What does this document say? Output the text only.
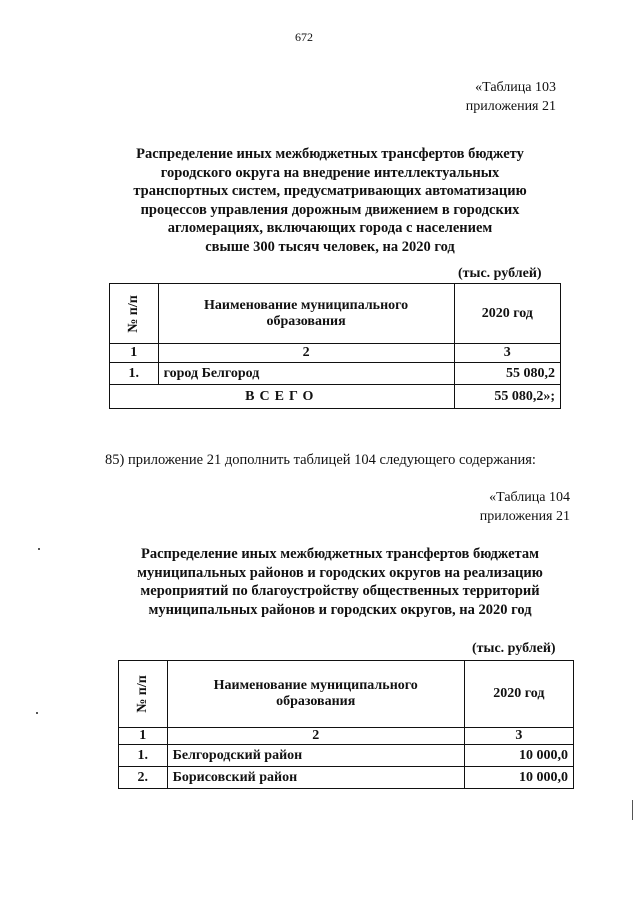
672
«Таблица 103
приложения 21
Распределение иных межбюджетных трансфертов бюджету
городского округа на внедрение интеллектуальных
транспортных систем, предусматривающих автоматизацию
процессов управления дорожным движением в городских
агломерациях, включающих города с населением
свыше 300 тысяч человек, на 2020 год
(тыс. рублей)
№ п/п	Наименование муниципального образования	2020 год
1	2	3
1.	город Белгород	55 080,2
ВСЕГО		55 080,2»;
85) приложение 21 дополнить таблицей 104 следующего содержания:
«Таблица 104
приложения 21
Распределение иных межбюджетных трансфертов бюджетам
муниципальных районов и городских округов на реализацию
мероприятий по благоустройству общественных территорий
муниципальных районов и городских округов, на 2020 год
(тыс. рублей)
№ п/п	Наименование муниципального образования	2020 год
1	2	3
1.	Белгородский район	10 000,0
2.	Борисовский район	10 000,0
